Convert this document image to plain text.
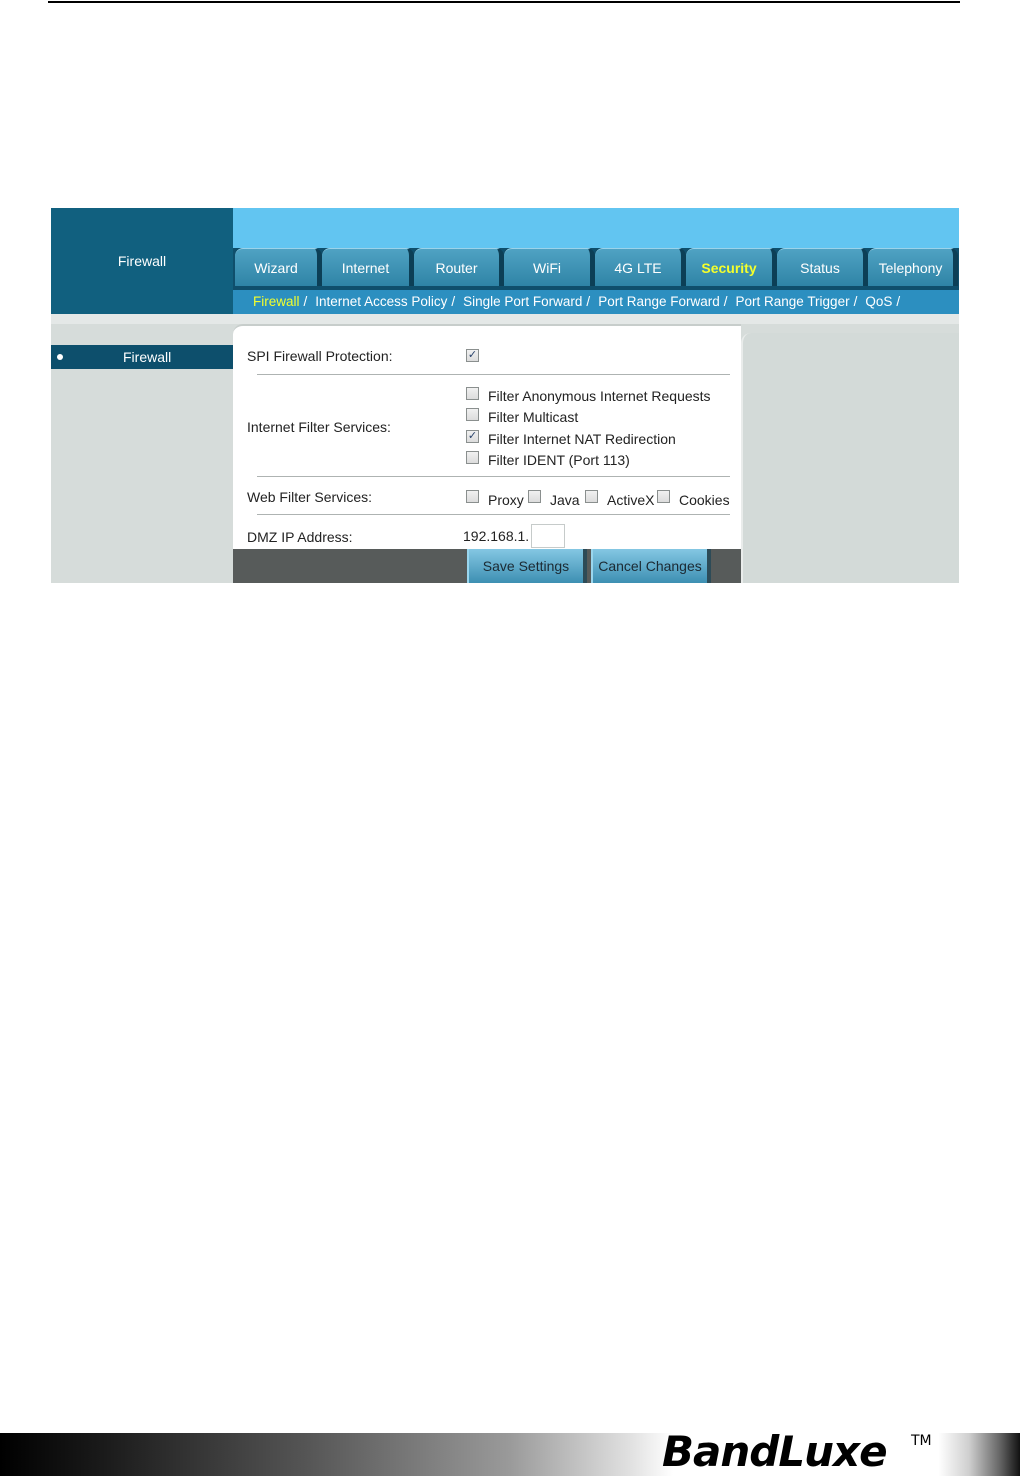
Firewall	Wizard	Internet	Router	WiFi	4G LTE	Security	Status	Telephony
Firewall / Internet Access Policy / Single Port Forward / Port Range Forward / Port Range Trigger / QoS /
Firewall	SPI Firewall Protection:	✓
Internet Filter Services:
Filter Anonymous Internet Requests
Filter Multicast
✓ Filter Internet NAT Redirection
Filter IDENT (Port 113)
Web Filter Services:	Proxy Java ActiveX Cookies
DMZ IP Address:	192.168.1.
Save Settings	Cancel Changes
BandLuxe TM
